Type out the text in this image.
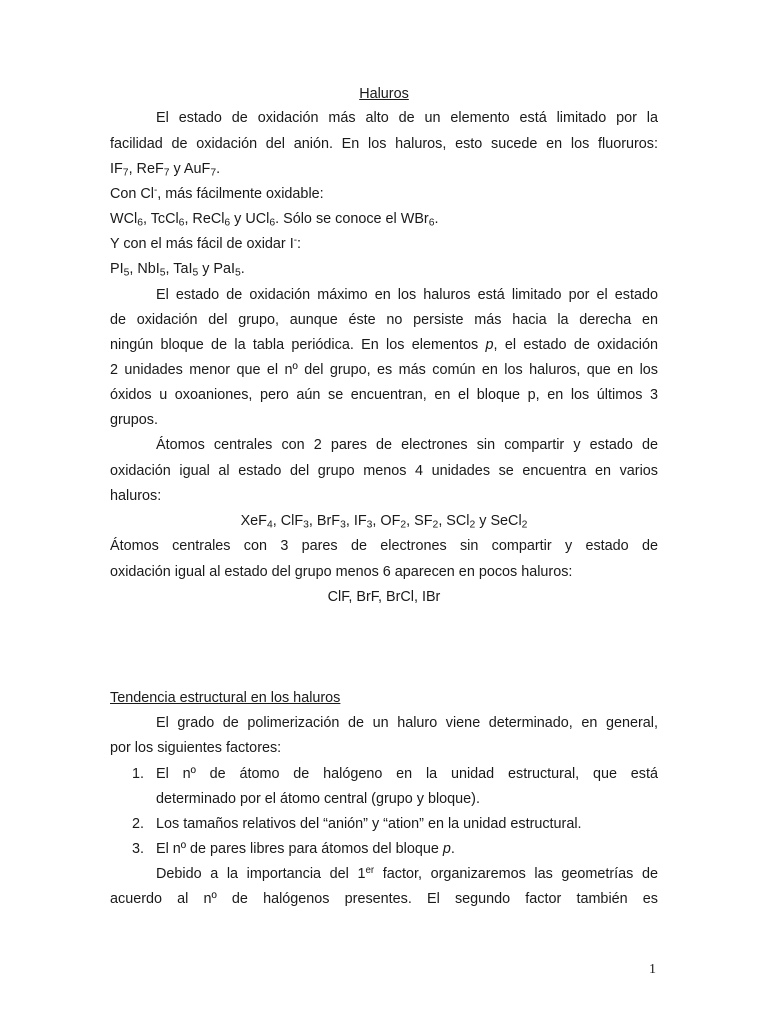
Haluros
El estado de oxidación más alto de un elemento está limitado por la
facilidad de oxidación del anión. En los haluros, esto sucede en los fluoruros:
$IF_7$, ReF$_7$ y AuF$_7$.
Con Cl-, más fácilmente oxidable:
WCl$_6$, TcCl$_6$, ReCl$_6$ y UCl$_6$. Sólo se conoce el WBr$_6$.
Y con el más fácil de oxidar I-:
$PI_5$, NbI$_5$, TaI$_5$ y PaI$_5$.
El estado de oxidación máximo en los haluros está limitado por el estado
de oxidación del grupo, aunque éste no persiste más hacia la derecha en
ningún bloque de la tabla periódica. En los elementos p, el estado de oxidación
2 unidades menor que el nº del grupo, es más común en los haluros, que en los
óxidos u oxoaniones, pero aún se encuentran, en el bloque p, en los últimos 3
grupos.
Átomos centrales con 2 pares de electrones sin compartir y estado de
oxidación igual al estado del grupo menos 4 unidades se encuentra en varios
haluros:
XeF$_4$, ClF$_3$, BrF$_3$, $IF_3$, $OF_2$, $SF_2$, SCl$_2$ y SeCl$_2$
Átomos centrales con 3 pares de electrones sin compartir y estado de
oxidación igual al estado del grupo menos 6 aparecen en pocos haluros:
ClF, BrF, BrCl, IBr
Tendencia estructural en los haluros
El grado de polimerización de un haluro viene determinado, en general,
por los siguientes factores:
1. El nº de átomo de halógeno en la unidad estructural, que está
determinado por el átomo central (grupo y bloque).
2. Los tamaños relativos del “anión” y “ation” en la unidad estructural.
3. El nº de pares libres para átomos del bloque p.
Debido a la importancia del 1er factor, organizaremos las geometrías de
acuerdo al nº de halógenos presentes. El segundo factor también es
1
